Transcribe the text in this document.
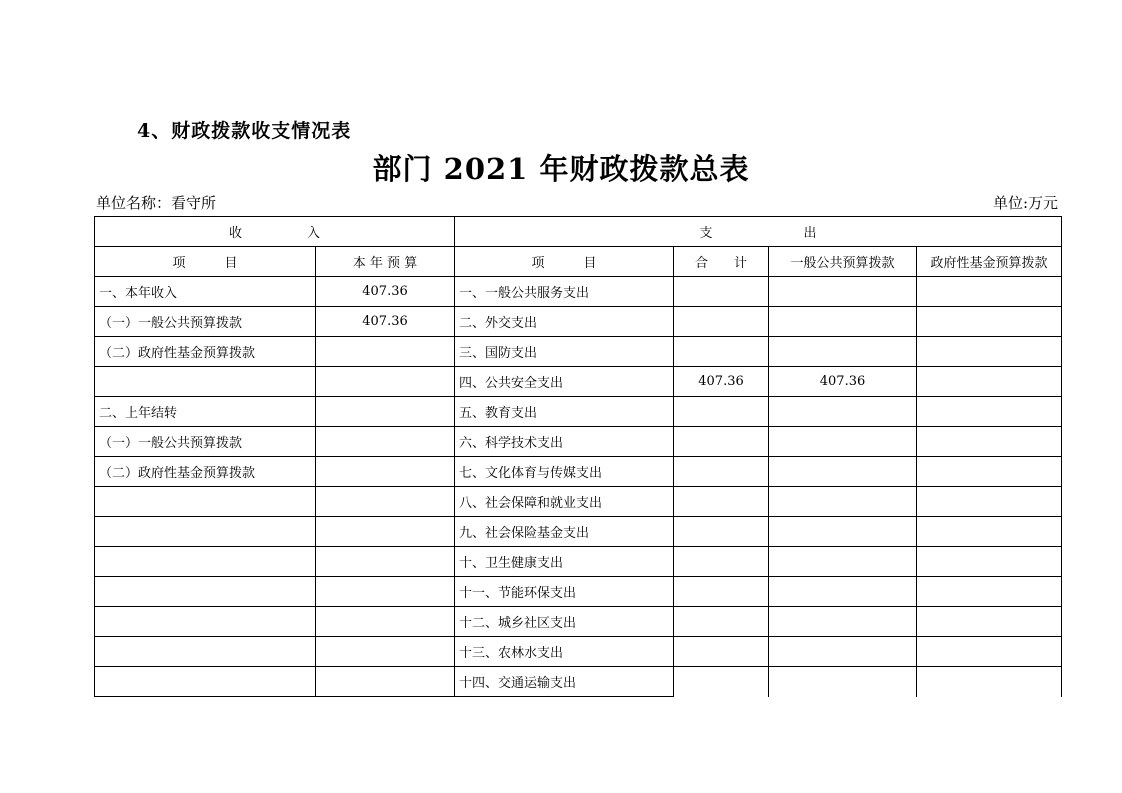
4、财政拨款收支情况表
部门 2021 年财政拨款总表
单位名称：看守所	单位:万元
收　　　　　入		支　　　　　　　出			
项　　　目	本 年 预 算	项　　　目	合　　计	一般公共预算拨款	政府性基金预算拨款
一、本年收入	407.36	一、一般公共服务支出			
（一）一般公共预算拨款	407.36	二、外交支出			
（二）政府性基金预算拨款		三、国防支出			
		四、公共安全支出	407.36	407.36	
二、上年结转		五、教育支出			
（一）一般公共预算拨款		六、科学技术支出			
（二）政府性基金预算拨款		七、文化体育与传媒支出			
		八、社会保障和就业支出			
		九、社会保险基金支出			
		十、卫生健康支出			
		十一、节能环保支出			
		十二、城乡社区支出			
		十三、农林水支出			
		十四、交通运输支出			
